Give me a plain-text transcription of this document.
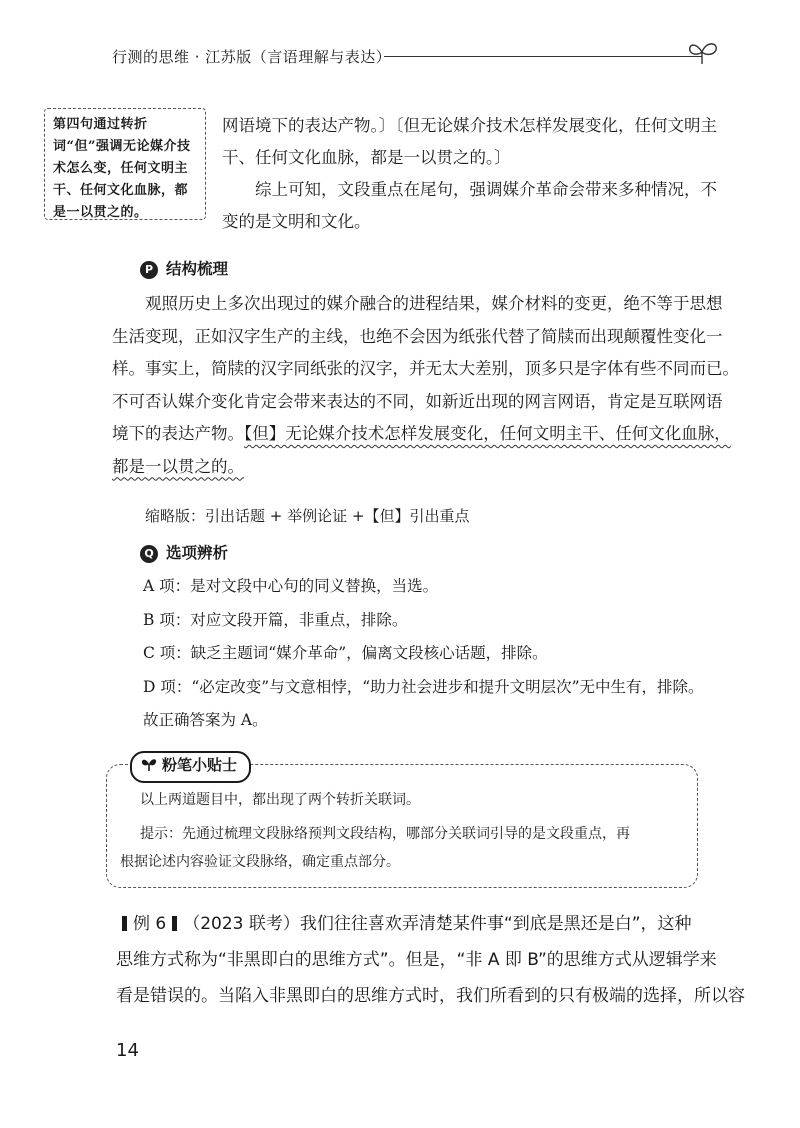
行测的思维 · 江苏版（言语理解与表达）
第四句通过转折词“但”强调无论媒介技术怎么变，任何文明主干、任何文化血脉，都是一以贯之的。
网语境下的表达产物。〕〔但无论媒介技术怎样发展变化，任何文明主
干、任何文化血脉，都是一以贯之的。〕
综上可知，文段重点在尾句，强调媒介革命会带来多种情况，不
变的是文明和文化。
P 结构梳理
观照历史上多次出现过的媒介融合的进程结果，媒介材料的变更，绝不等于思想
生活变现，正如汉字生产的主线，也绝不会因为纸张代替了简牍而出现颠覆性变化一
样。事实上，简牍的汉字同纸张的汉字，并无太大差别，顶多只是字体有些不同而已。
不可否认媒介变化肯定会带来表达的不同，如新近出现的网言网语，肯定是互联网语
境下的表达产物。【但】无论媒介技术怎样发展变化，任何文明主干、任何文化血脉，
都是一以贯之的。
缩略版：引出话题 + 举例论证 +【但】引出重点
Q 选项辨析
A 项：是对文段中心句的同义替换，当选。
B 项：对应文段开篇，非重点，排除。
C 项：缺乏主题词“媒介革命”，偏离文段核心话题，排除。
D 项：“必定改变”与文意相悖，“助力社会进步和提升文明层次”无中生有，排除。
故正确答案为 A。
粉笔小贴士
以上两道题目中，都出现了两个转折关联词。
提示：先通过梳理文段脉络预判文段结构，哪部分关联词引导的是文段重点，再
根据论述内容验证文段脉络，确定重点部分。
例 6 （2023 联考）我们往往喜欢弄清楚某件事“到底是黑还是白”，这种
思维方式称为“非黑即白的思维方式”。但是，“非 A 即 B”的思维方式从逻辑学来
看是错误的。当陷入非黑即白的思维方式时，我们所看到的只有极端的选择，所以容
14
